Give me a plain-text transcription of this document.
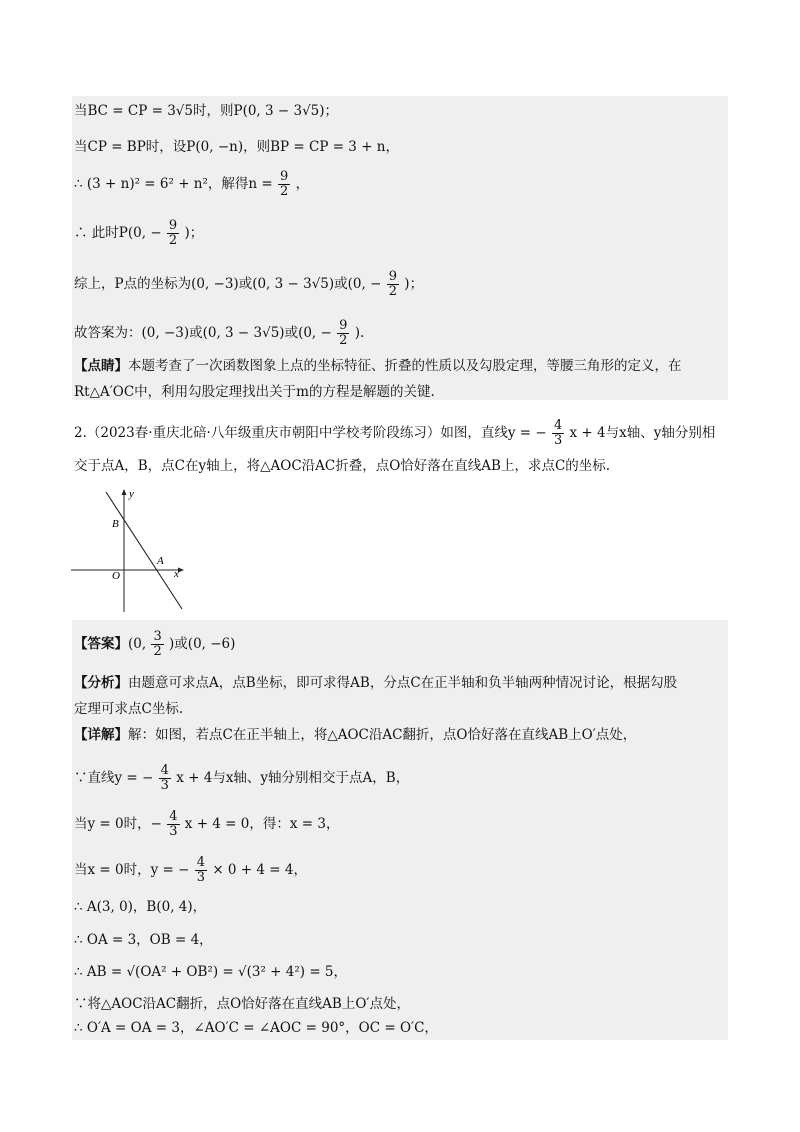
当BC = CP = 3√5时，则P(0, 3 − 3√5)；
当CP = BP时，设P(0, −n)，则BP = CP = 3 + n，
∴ (3 + n)² = 6² + n²，解得$n = \frac{9}{2}$ ，
∴ 此时P(0, − $\frac{9}{2}$ )；
综上，P点的坐标为(0, −3)或(0, 3 − 3√5)或(0, − $\frac{9}{2}$ )；
故答案为：(0, −3)或(0, 3 − 3√5)或(0, − $\frac{9}{2}$ ).
【点睛】本题考查了一次函数图象上点的坐标特征、折叠的性质以及勾股定理，等腰三角形的定义，在
Rt△A′OC中，利用勾股定理找出关于m的方程是解题的关键.
2.（2023春·重庆北碚·八年级重庆市朝阳中学校考阶段练习）如图，直线y = − $\frac{4}{3}$ x + 4与x轴、y轴分别相
交于点A，B，点C在y轴上，将△AOC沿AC折叠，点O恰好落在直线AB上，求点C的坐标.
y
x
B
A
O
【答案】(0, $\frac{3}{2}$ )或(0, −6)
【分析】由题意可求点A，点B坐标，即可求得AB，分点C在正半轴和负半轴两种情况讨论，根据勾股
定理可求点C坐标.
【详解】解：如图，若点C在正半轴上，将△AOC沿AC翻折，点O恰好落在直线AB上O′点处，
∵直线y = − $\frac{4}{3}$ x + 4与x轴、y轴分别相交于点A，B，
当y = 0时，− $\frac{4}{3}$ x + 4 = 0，得：x = 3，
当x = 0时，y = − $\frac{4}{3} \times 0 + 4 = 4$，
∴ A(3, 0)，B(0, 4)，
∴ OA = 3，OB = 4，
∴ AB = √(OA² + OB²) = √(3² + 4²) = 5，
∵将△AOC沿AC翻折，点O恰好落在直线AB上O′点处，
∴ O′A = OA = 3，∠AO′C = ∠AOC = 90°，OC = O′C，
